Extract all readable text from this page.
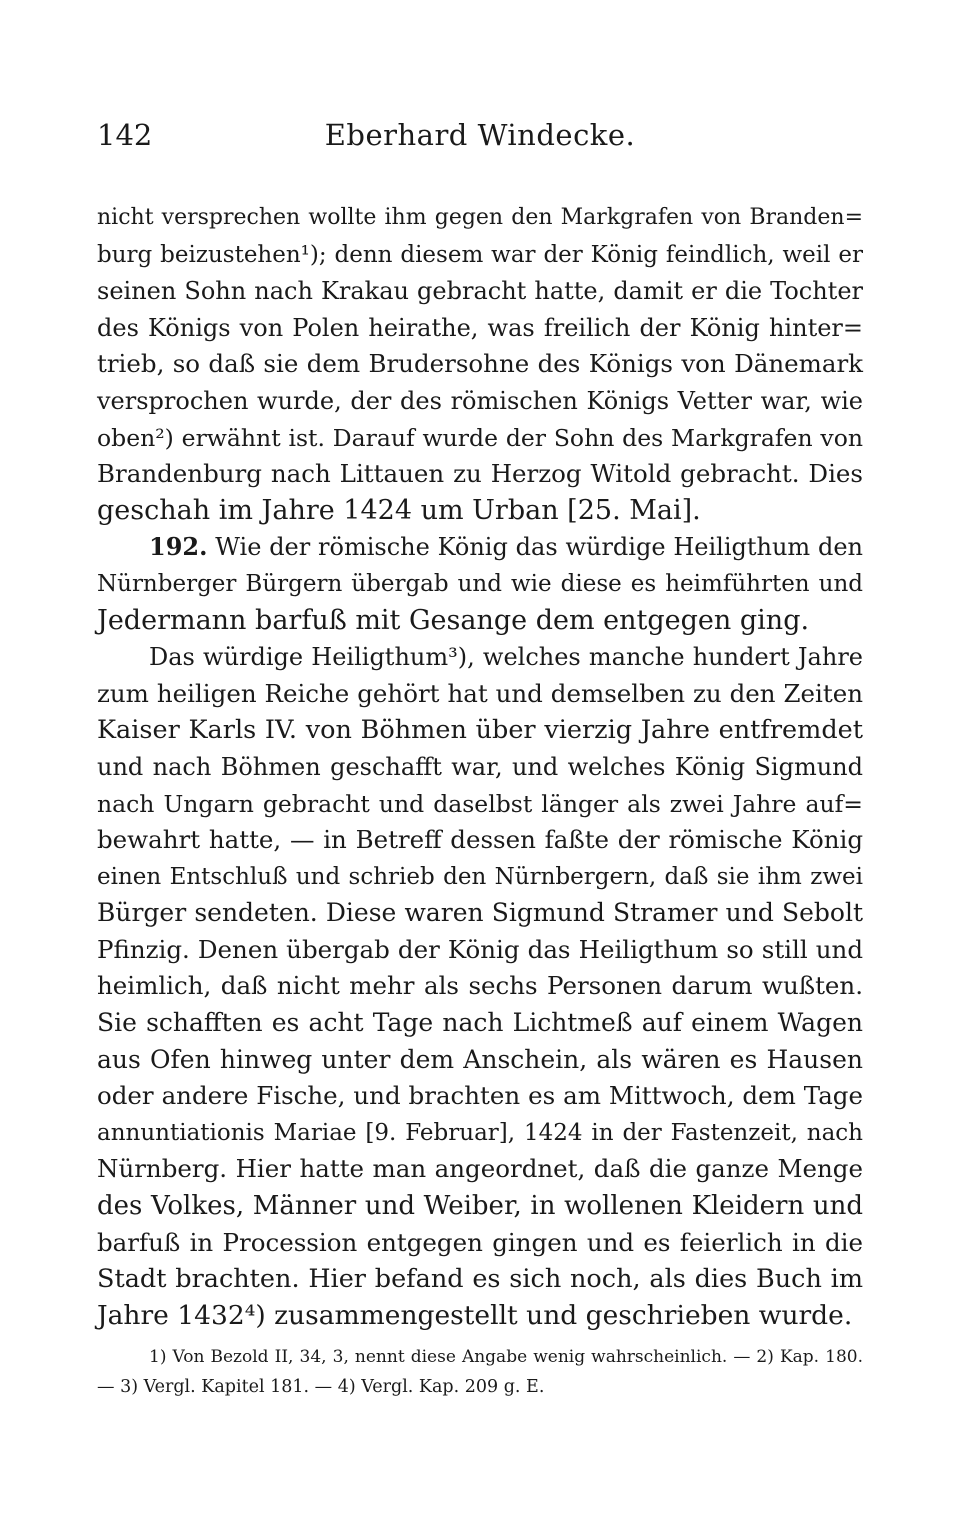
142	Eberhard Windecke.
nicht versprechen wollte ihm gegen den Markgrafen von Branden=
burg beizustehen¹); denn diesem war der König feindlich, weil er
seinen Sohn nach Krakau gebracht hatte, damit er die Tochter
des Königs von Polen heirathe, was freilich der König hinter=
trieb, so daß sie dem Brudersohne des Königs von Dänemark
versprochen wurde, der des römischen Königs Vetter war, wie
oben²) erwähnt ist. Darauf wurde der Sohn des Markgrafen von
Brandenburg nach Littauen zu Herzog Witold gebracht. Dies
geschah im Jahre 1424 um Urban [25. Mai].
192. Wie der römische König das würdige Heiligthum den
Nürnberger Bürgern übergab und wie diese es heimführten und
Jedermann barfuß mit Gesange dem entgegen ging.
Das würdige Heiligthum³), welches manche hundert Jahre
zum heiligen Reiche gehört hat und demselben zu den Zeiten
Kaiser Karls IV. von Böhmen über vierzig Jahre entfremdet
und nach Böhmen geschafft war, und welches König Sigmund
nach Ungarn gebracht und daselbst länger als zwei Jahre auf=
bewahrt hatte, — in Betreff dessen faßte der römische König
einen Entschluß und schrieb den Nürnbergern, daß sie ihm zwei
Bürger sendeten. Diese waren Sigmund Stramer und Sebolt
Pfinzig. Denen übergab der König das Heiligthum so still und
heimlich, daß nicht mehr als sechs Personen darum wußten.
Sie schafften es acht Tage nach Lichtmeß auf einem Wagen
aus Ofen hinweg unter dem Anschein, als wären es Hausen
oder andere Fische, und brachten es am Mittwoch, dem Tage
annuntiationis Mariae [9. Februar], 1424 in der Fastenzeit, nach
Nürnberg. Hier hatte man angeordnet, daß die ganze Menge
des Volkes, Männer und Weiber, in wollenen Kleidern und
barfuß in Procession entgegen gingen und es feierlich in die
Stadt brachten. Hier befand es sich noch, als dies Buch im
Jahre 1432⁴) zusammengestellt und geschrieben wurde.
1) Von Bezold II, 34, 3, nennt diese Angabe wenig wahrscheinlich. — 2) Kap. 180.
— 3) Vergl. Kapitel 181. — 4) Vergl. Kap. 209 g. E.
